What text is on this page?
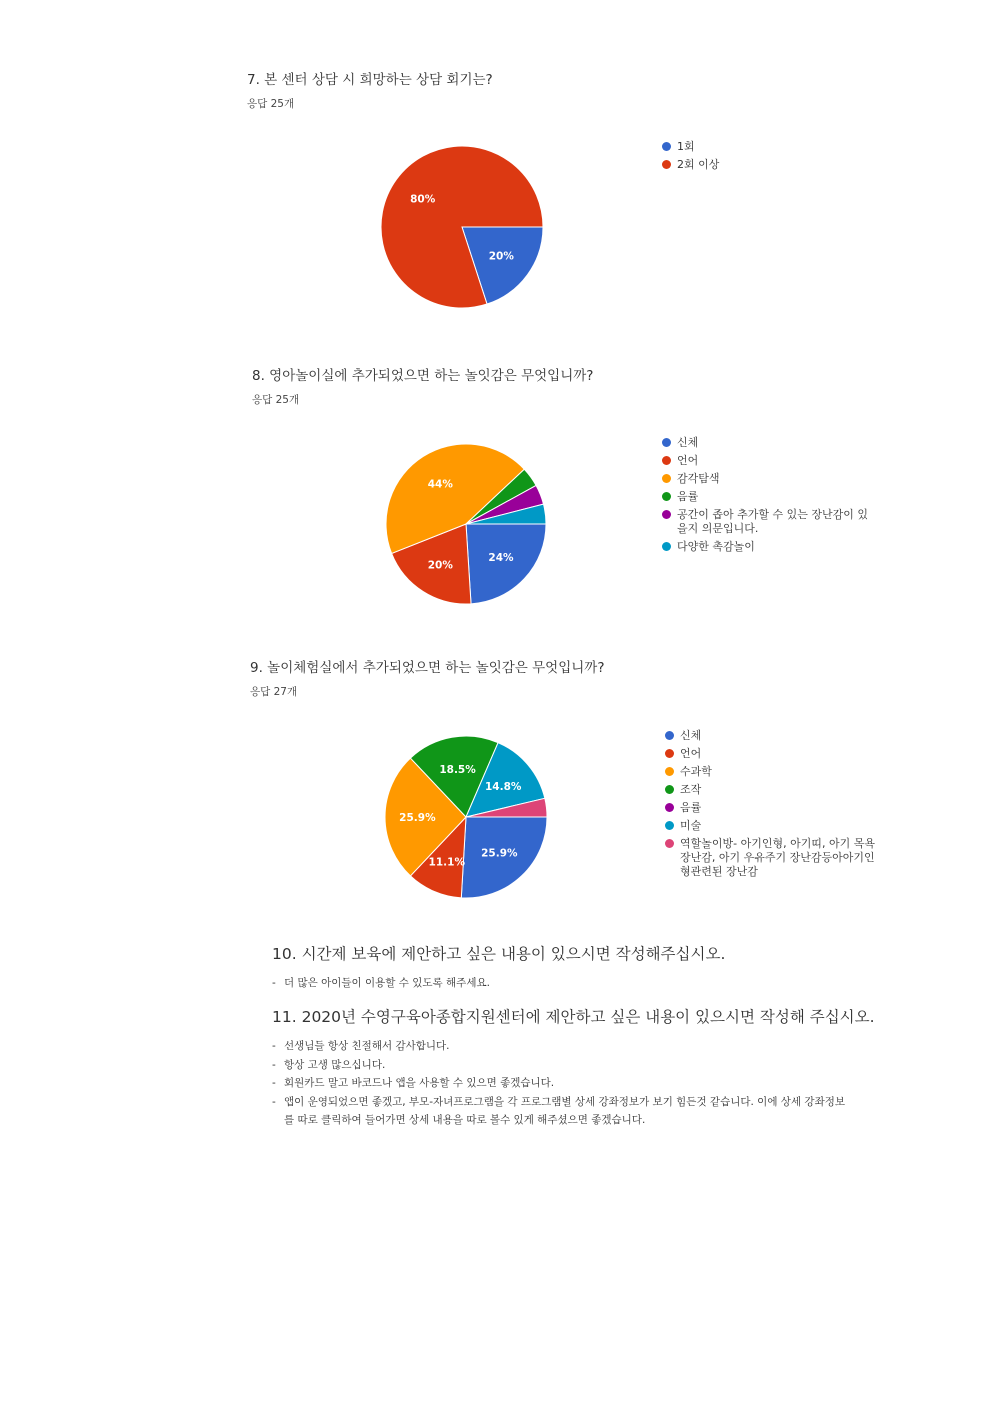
7. 본 센터 상담 시 희망하는 상담 회기는?
응답 25개
20%
80%
1회
2회 이상
8. 영아놀이실에 추가되었으면 하는 놀잇감은 무엇입니까?
응답 25개
24%
20%
44%
신체
언어
감각탐색
음률
공간이 좁아 추가할 수 있는 장난감이 있을지 의문입니다.
다양한 촉감놀이
9. 놀이체험실에서 추가되었으면 하는 놀잇감은 무엇입니까?
응답 27개
25.9%
11.1%
25.9%
18.5%
14.8%
신체
언어
수과학
조작
음률
미술
역할놀이방- 아기인형, 아기띠, 아기 목욕 장난감, 아기 우유주기 장난감등아아기인형관련된 장난감
10. 시간제 보육에 제안하고 싶은 내용이 있으시면 작성해주십시오.
- 더 많은 아이들이 이용할 수 있도록 해주세요.
11. 2020년 수영구육아종합지원센터에 제안하고 싶은 내용이 있으시면 작성해 주십시오.
- 선생님들 항상 친절해서 감사합니다.
- 항상 고생 많으십니다.
- 회원카드 말고 바코드나 앱을 사용할 수 있으면 좋겠습니다.
- 앱이 운영되었으면 좋겠고, 부모-자녀프로그램을 각 프로그램별 상세 강좌정보가 보기 힘든것 같습니다. 이에 상세 강좌정보를 따로 클릭하여 들어가면 상세 내용을 따로 볼수 있게 해주셨으면 좋겠습니다.
